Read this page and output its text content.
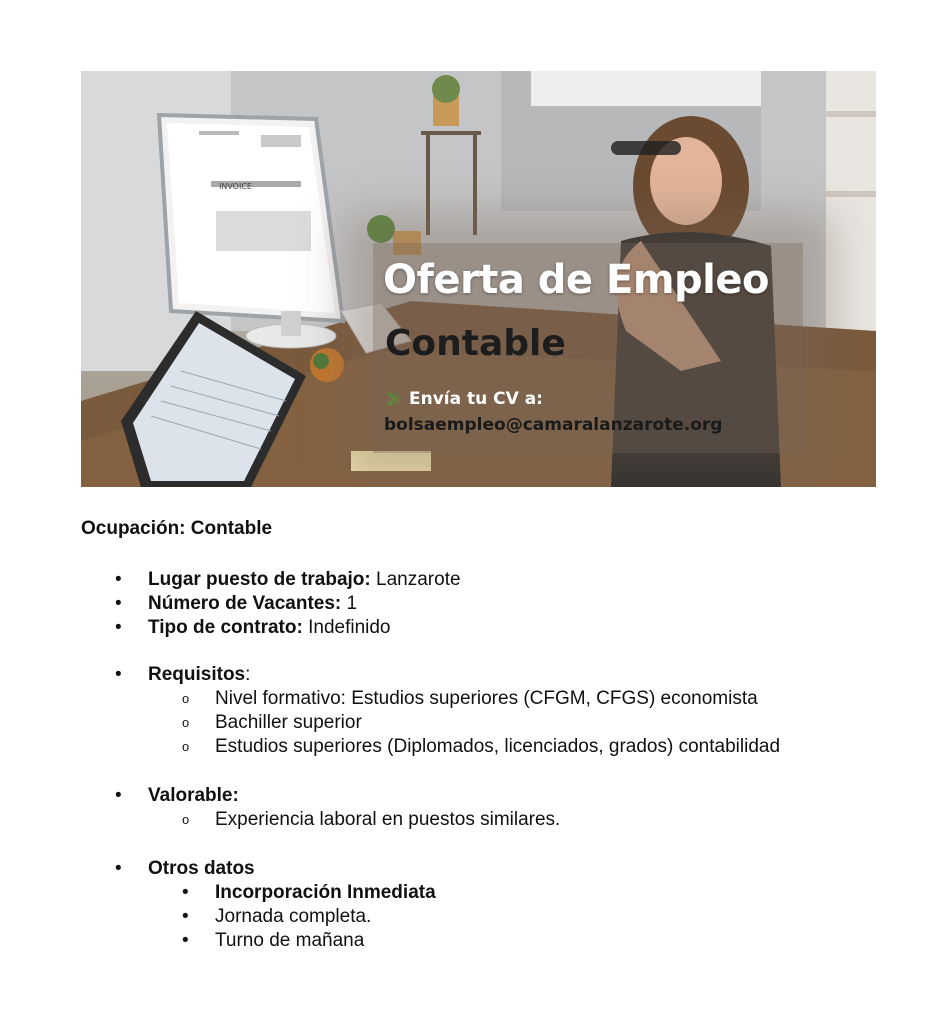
INVOICE
Oferta de Empleo
Contable
Envía tu CV a:
bolsaempleo@camaralanzarote.org

Ocupación: Contable

• Lugar puesto de trabajo: Lanzarote
• Número de Vacantes: 1
• Tipo de contrato: Indefinido
• Requisitos:
o Nivel formativo: Estudios superiores (CFGM, CFGS) economista
o Bachiller superior
o Estudios superiores (Diplomados, licenciados, grados) contabilidad
• Valorable:
o Experiencia laboral en puestos similares.
• Otros datos
• Incorporación Inmediata
• Jornada completa.
• Turno de mañana
